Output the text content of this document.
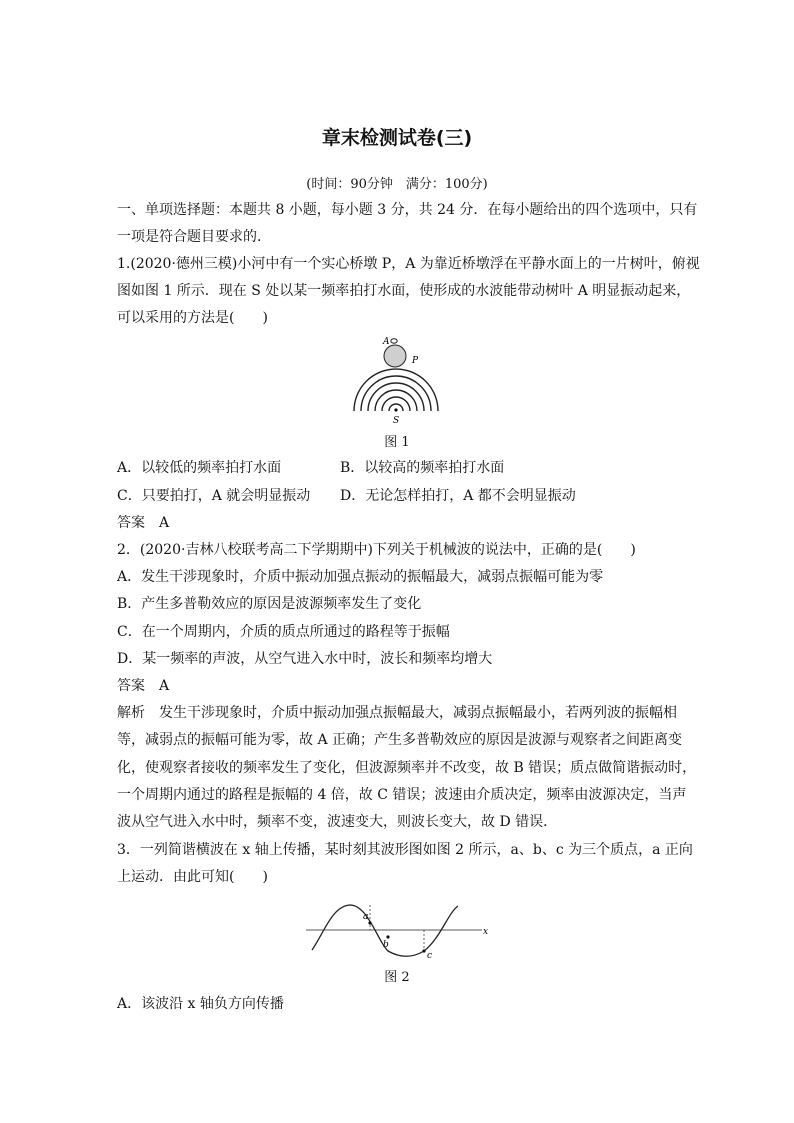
章末检测试卷(三)
(时间：90分钟　满分：100分)
一、单项选择题：本题共 8 小题，每小题 3 分，共 24 分．在每小题给出的四个选项中，只有
一项是符合题目要求的．
1.(2020·德州三模)小河中有一个实心桥墩 P，A 为靠近桥墩浮在平静水面上的一片树叶，俯视
图如图 1 所示．现在 S 处以某一频率拍打水面，使形成的水波能带动树叶 A 明显振动起来，
可以采用的方法是(　　)
A
P
S
图 1
A．以较低的频率拍打水面	B．以较高的频率拍打水面
C．只要拍打，A 就会明显振动 D．无论怎样拍打，A 都不会明显振动
答案　A
2．(2020·吉林八校联考高二下学期期中)下列关于机械波的说法中，正确的是(　　)
A．发生干涉现象时，介质中振动加强点振动的振幅最大，减弱点振幅可能为零
B．产生多普勒效应的原因是波源频率发生了变化
C．在一个周期内，介质的质点所通过的路程等于振幅
D．某一频率的声波，从空气进入水中时，波长和频率均增大
答案　A
解析　发生干涉现象时，介质中振动加强点振幅最大，减弱点振幅最小，若两列波的振幅相
等，减弱点的振幅可能为零，故 A 正确；产生多普勒效应的原因是波源与观察者之间距离变
化，使观察者接收的频率发生了变化，但波源频率并不改变，故 B 错误；质点做简谐振动时，
一个周期内通过的路程是振幅的 4 倍，故 C 错误；波速由介质决定，频率由波源决定，当声
波从空气进入水中时，频率不变，波速变大，则波长变大，故 D 错误．
3．一列简谐横波在 x 轴上传播，某时刻其波形图如图 2 所示，a、b、c 为三个质点，a 正向
上运动．由此可知(　　)
x
a
b
c
图 2
A．该波沿 x 轴负方向传播
